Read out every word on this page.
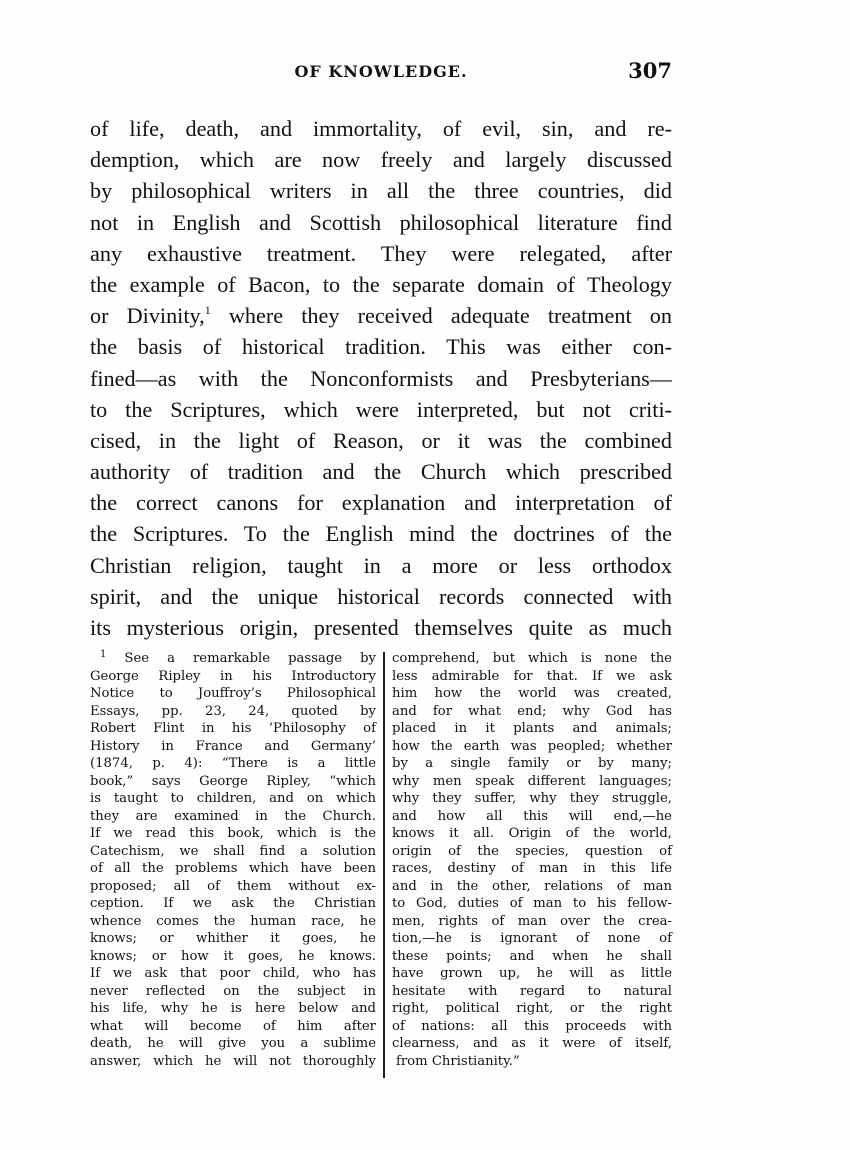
OF KNOWLEDGE.	307
of life, death, and immortality, of evil, sin, and re-
demption, which are now freely and largely discussed
by philosophical writers in all the three countries, did
not in English and Scottish philosophical literature find
any exhaustive treatment. They were relegated, after
the example of Bacon, to the separate domain of Theology
or Divinity,$^1$ where they received adequate treatment on
the basis of historical tradition. This was either con-
fined—as with the Nonconformists and Presbyterians—
to the Scriptures, which were interpreted, but not criti-
cised, in the light of Reason, or it was the combined
authority of tradition and the Church which prescribed
the correct canons for explanation and interpretation of
the Scriptures. To the English mind the doctrines of the
Christian religion, taught in a more or less orthodox
spirit, and the unique historical records connected with
its mysterious origin, presented themselves quite as much
$^1$ See a remarkable passage by
George Ripley in his Introductory
Notice to Jouffroy’s Philosophical
Essays, pp. 23, 24, quoted by
Robert Flint in his ‘Philosophy of
History in France and Germany’
(1874, p. 4): “There is a little
book,” says George Ripley, “which
is taught to children, and on which
they are examined in the Church.
If we read this book, which is the
Catechism, we shall find a solution
of all the problems which have been
proposed; all of them without ex-
ception. If we ask the Christian
whence comes the human race, he
knows; or whither it goes, he
knows; or how it goes, he knows.
If we ask that poor child, who has
never reflected on the subject in
his life, why he is here below and
what will become of him after
death, he will give you a sublime
answer, which he will not thoroughly
comprehend, but which is none the
less admirable for that. If we ask
him how the world was created,
and for what end; why God has
placed in it plants and animals;
how the earth was peopled; whether
by a single family or by many;
why men speak different languages;
why they suffer, why they struggle,
and how all this will end,—he
knows it all. Origin of the world,
origin of the species, question of
races, destiny of man in this life
and in the other, relations of man
to God, duties of man to his fellow-
men, rights of man over the crea-
tion,—he is ignorant of none of
these points; and when he shall
have grown up, he will as little
hesitate with regard to natural
right, political right, or the right
of nations: all this proceeds with
clearness, and as it were of itself,
from Christianity.”
